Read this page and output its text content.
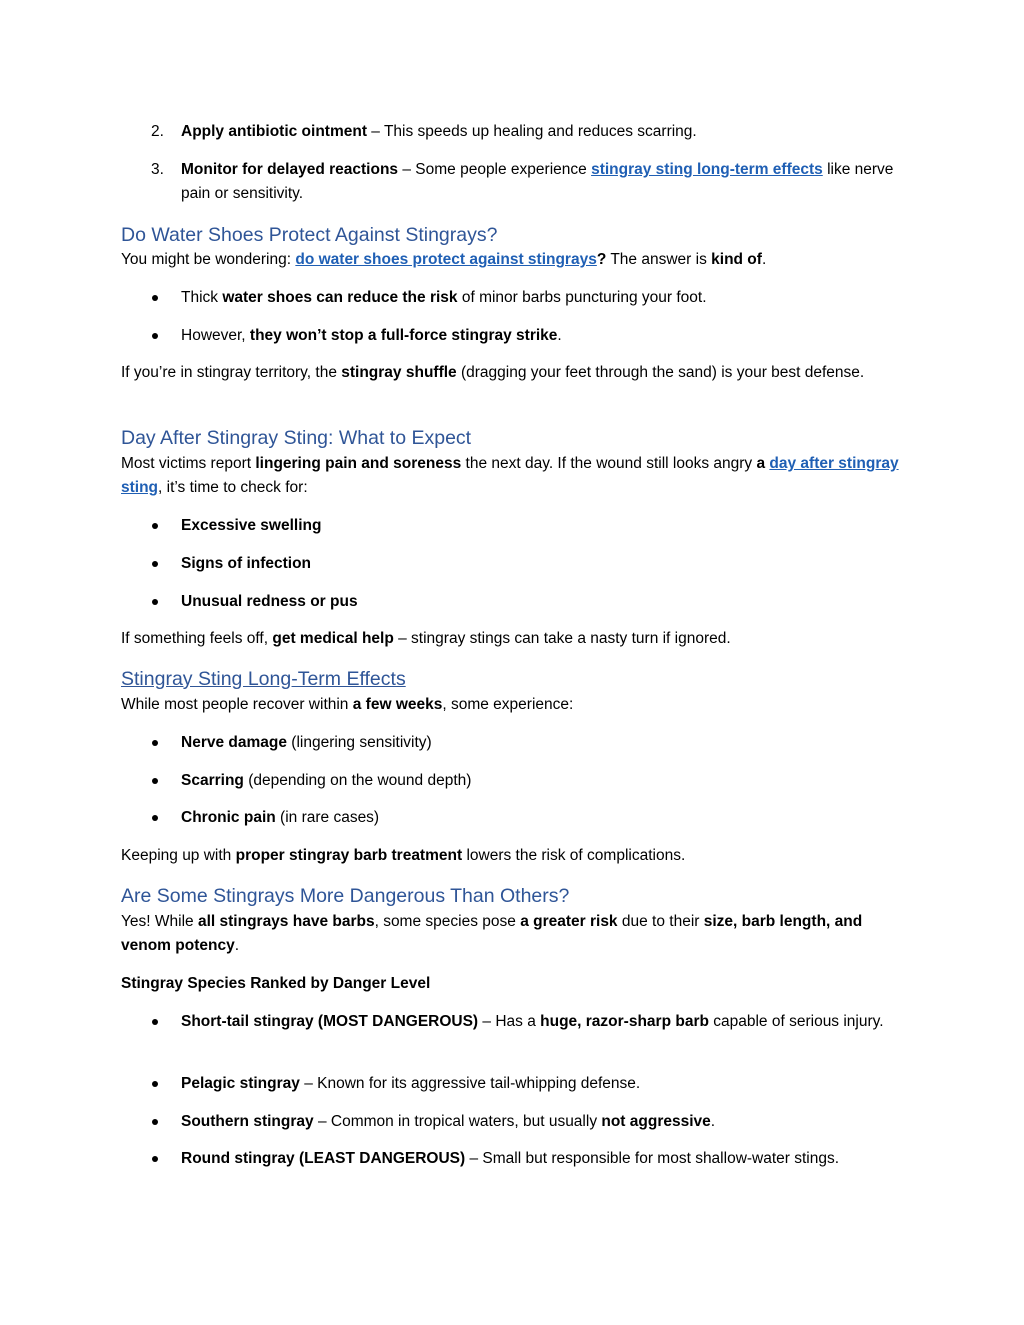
2. Apply antibiotic ointment – This speeds up healing and reduces scarring.
3. Monitor for delayed reactions – Some people experience stingray sting long-term effects like nerve pain or sensitivity.
Do Water Shoes Protect Against Stingrays?
You might be wondering: do water shoes protect against stingrays? The answer is kind of.
Thick water shoes can reduce the risk of minor barbs puncturing your foot.
However, they won’t stop a full-force stingray strike.
If you’re in stingray territory, the stingray shuffle (dragging your feet through the sand) is your best defense.
Day After Stingray Sting: What to Expect
Most victims report lingering pain and soreness the next day. If the wound still looks angry a day after stingray sting, it’s time to check for:
Excessive swelling
Signs of infection
Unusual redness or pus
If something feels off, get medical help – stingray stings can take a nasty turn if ignored.
Stingray Sting Long-Term Effects
While most people recover within a few weeks, some experience:
Nerve damage (lingering sensitivity)
Scarring (depending on the wound depth)
Chronic pain (in rare cases)
Keeping up with proper stingray barb treatment lowers the risk of complications.
Are Some Stingrays More Dangerous Than Others?
Yes! While all stingrays have barbs, some species pose a greater risk due to their size, barb length, and venom potency.
Stingray Species Ranked by Danger Level
Short-tail stingray (MOST DANGEROUS) – Has a huge, razor-sharp barb capable of serious injury.
Pelagic stingray – Known for its aggressive tail-whipping defense.
Southern stingray – Common in tropical waters, but usually not aggressive.
Round stingray (LEAST DANGEROUS) – Small but responsible for most shallow-water stings.
